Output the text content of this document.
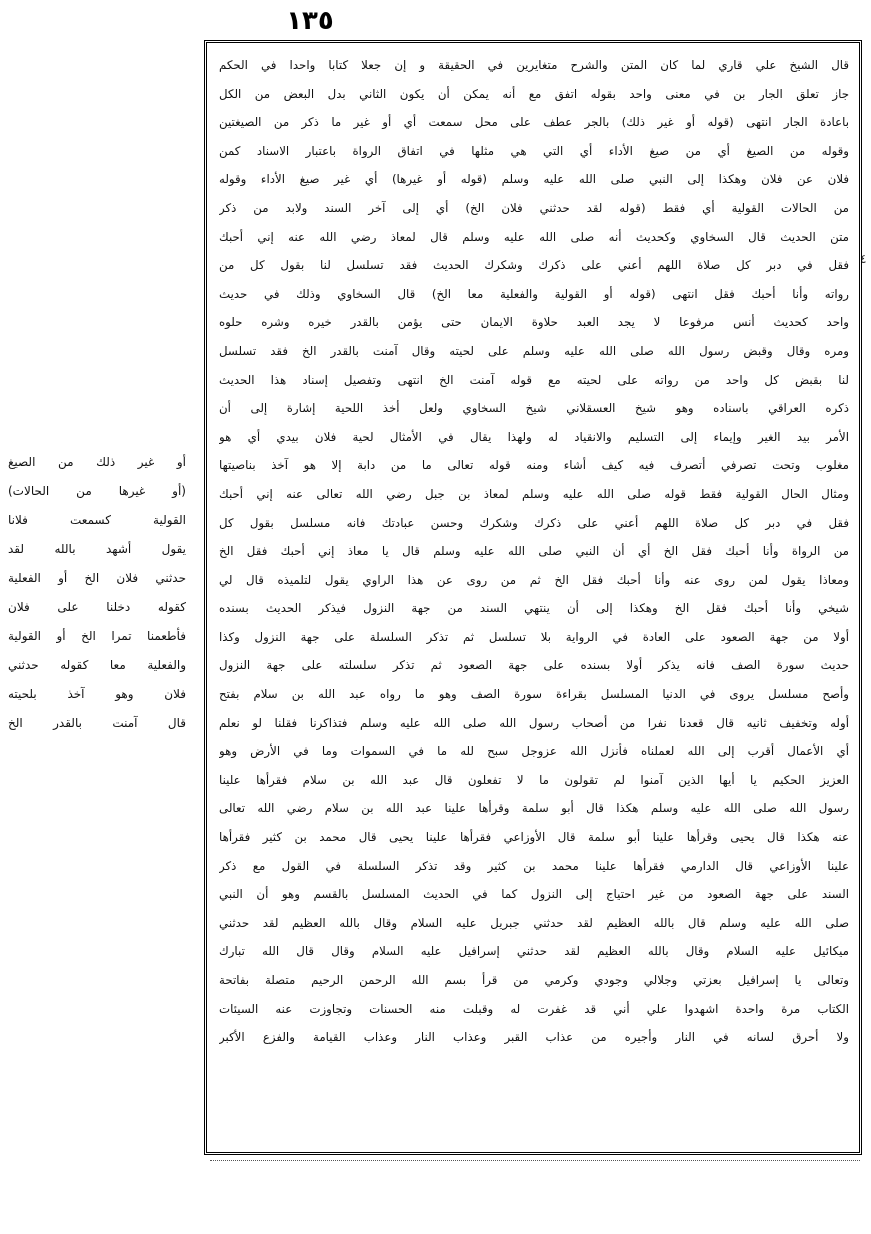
١٣٥
٤
قال الشيخ علي قاري لما كان المتن والشرح متغايرين في الحقيقة و إن جعلا كتابا واحدا في الحكم
جاز تعلق الجار بن في معنى واحد بقوله اتفق مع أنه يمكن أن يكون الثاني بدل البعض من الكل
باعادة الجار انتهى (قوله أو غير ذلك) بالجر عطف على محل سمعت أي أو غير ما ذكر من الصيغتين
وقوله من الصيغ أي من صيغ الأداء أي التي هي مثلها في اتفاق الرواة باعتبار الاسناد كمن
فلان عن فلان وهكذا إلى النبي صلى الله عليه وسلم (قوله أو غيرها) أي غير صيغ الأداء وقوله
من الحالات القولية أي فقط (قوله لقد حدثني فلان الخ) أي إلى آخر السند ولابد من ذكر
متن الحديث قال السخاوي وكحديث أنه صلى الله عليه وسلم قال لمعاذ رضي الله عنه إني أحبك
فقل في دبر كل صلاة اللهم أعني على ذكرك وشكرك الحديث فقد تسلسل لنا بقول كل من
رواته وأنا أحبك فقل انتهى (قوله أو القولية والفعلية معا الخ) قال السخاوي وذلك في حديث
واحد كحديث أنس مرفوعا لا يجد العبد حلاوة الايمان حتى يؤمن بالقدر خيره وشره حلوه
ومره وقال وقبض رسول الله صلى الله عليه وسلم على لحيته وقال آمنت بالقدر الخ فقد تسلسل
لنا بقبض كل واحد من رواته على لحيته مع قوله آمنت الخ انتهى وتفصيل إسناد هذا الحديث
ذكره العراقي باسناده وهو شيخ العسقلاني شيخ السخاوي ولعل أخذ اللحية إشارة إلى أن
الأمر بيد الغير وإيماء إلى التسليم والانقياد له ولهذا يقال في الأمثال لحية فلان بيدي أي هو
مغلوب وتحت تصرفي أتصرف فيه كيف أشاء ومنه قوله تعالى ما من دابة إلا هو آخذ بناصيتها
ومثال الحال القولية فقط قوله صلى الله عليه وسلم لمعاذ بن جبل رضي الله تعالى عنه إني أحبك
فقل في دبر كل صلاة اللهم أعني على ذكرك وشكرك وحسن عبادتك فانه مسلسل بقول كل
من الرواة وأنا أحبك فقل الخ أي أن النبي صلى الله عليه وسلم قال يا معاذ إني أحبك فقل الخ
ومعاذا يقول لمن روى عنه وأنا أحبك فقل الخ ثم من روى عن هذا الراوي يقول لتلميذه قال لي
شيخي وأنا أحبك فقل الخ وهكذا إلى أن ينتهي السند من جهة النزول فيذكر الحديث بسنده
أولا من جهة الصعود على العادة في الرواية بلا تسلسل ثم تذكر السلسلة على جهة النزول وكذا
حديث سورة الصف فانه يذكر أولا بسنده على جهة الصعود ثم تذكر سلسلته على جهة النزول
وأصح مسلسل يروى في الدنيا المسلسل بقراءة سورة الصف وهو ما رواه عبد الله بن سلام بفتح
أوله وتخفيف ثانيه قال قعدنا نفرا من أصحاب رسول الله صلى الله عليه وسلم فتذاكرنا فقلنا لو نعلم
أي الأعمال أقرب إلى الله لعملناه فأنزل الله عزوجل سبح لله ما في السموات وما في الأرض وهو
العزيز الحكيم يا أيها الذين آمنوا لم تقولون ما لا تفعلون قال عبد الله بن سلام فقرأها علينا
رسول الله صلى الله عليه وسلم هكذا قال أبو سلمة وقرأها علينا عبد الله بن سلام رضي الله تعالى
عنه هكذا قال يحيى وقرأها علينا أبو سلمة قال الأوزاعي فقرأها علينا يحيى قال محمد بن كثير فقرأها
علينا الأوزاعي قال الدارمي فقرأها علينا محمد بن كثير وقد تذكر السلسلة في القول مع ذكر
السند على جهة الصعود من غير احتياج إلى النزول كما في الحديث المسلسل بالقسم وهو أن النبي
صلى الله عليه وسلم قال بالله العظيم لقد حدثني جبريل عليه السلام وقال بالله العظيم لقد حدثني
ميكائيل عليه السلام وقال بالله العظيم لقد حدثني إسرافيل عليه السلام وقال قال الله تبارك
وتعالى يا إسرافيل بعزتي وجلالي وجودي وكرمي من قرأ بسم الله الرحمن الرحيم متصلة بفاتحة
الكتاب مرة واحدة اشهدوا علي أني قد غفرت له وقبلت منه الحسنات وتجاوزت عنه السيئات
ولا أحرق لسانه في النار وأجيره من عذاب القبر وعذاب النار وعذاب القيامة والفزع الأكبر
أو غير ذلك من الصيغ
(أو غيرها من الحالات)
القولية كسمعت فلانا
يقول أشهد بالله لقد
حدثني فلان الخ أو الفعلية
كقوله دخلنا على فلان
فأطعمنا تمرا الخ أو القولية
والفعلية معا كقوله حدثني
فلان وهو آخذ بلحيته
قال آمنت بالقدر الخ
